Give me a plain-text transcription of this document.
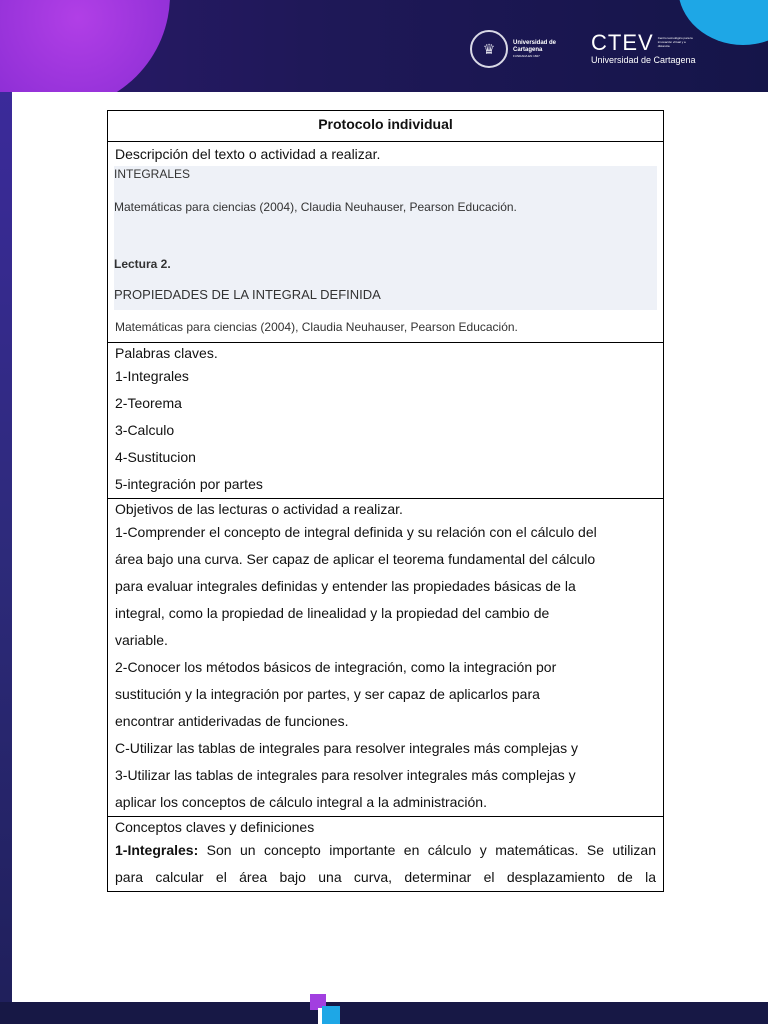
♛	Universidad de Cartagena
FUNDADA EN 1827
CTEV Centro tecnológico para la innovación virtual y a distancia
Universidad de Cartagena
Protocolo individual

Descripción del texto o actividad a realizar.
INTEGRALES
Matemáticas para ciencias (2004), Claudia Neuhauser, Pearson Educación.
Lectura 2.
PROPIEDADES DE LA INTEGRAL DEFINIDA
Matemáticas para ciencias (2004), Claudia Neuhauser, Pearson Educación.

Palabras claves.
1-Integrales
2-Teorema
3-Calculo
4-Sustitucion
5-integración por partes

Objetivos de las lecturas o actividad a realizar.
1-Comprender el concepto de integral definida y su relación con el cálculo del
área bajo una curva. Ser capaz de aplicar el teorema fundamental del cálculo
para evaluar integrales definidas y entender las propiedades básicas de la
integral, como la propiedad de linealidad y la propiedad del cambio de
variable.
2-Conocer los métodos básicos de integración, como la integración por
sustitución y la integración por partes, y ser capaz de aplicarlos para
encontrar antiderivadas de funciones.
C-Utilizar las tablas de integrales para resolver integrales más complejas y
3-Utilizar las tablas de integrales para resolver integrales más complejas y
aplicar los conceptos de cálculo integral a la administración.

Conceptos claves y definiciones
1-Integrales: Son un concepto importante en cálculo y matemáticas. Se utilizan
para calcular el área bajo una curva, determinar el desplazamiento de la
